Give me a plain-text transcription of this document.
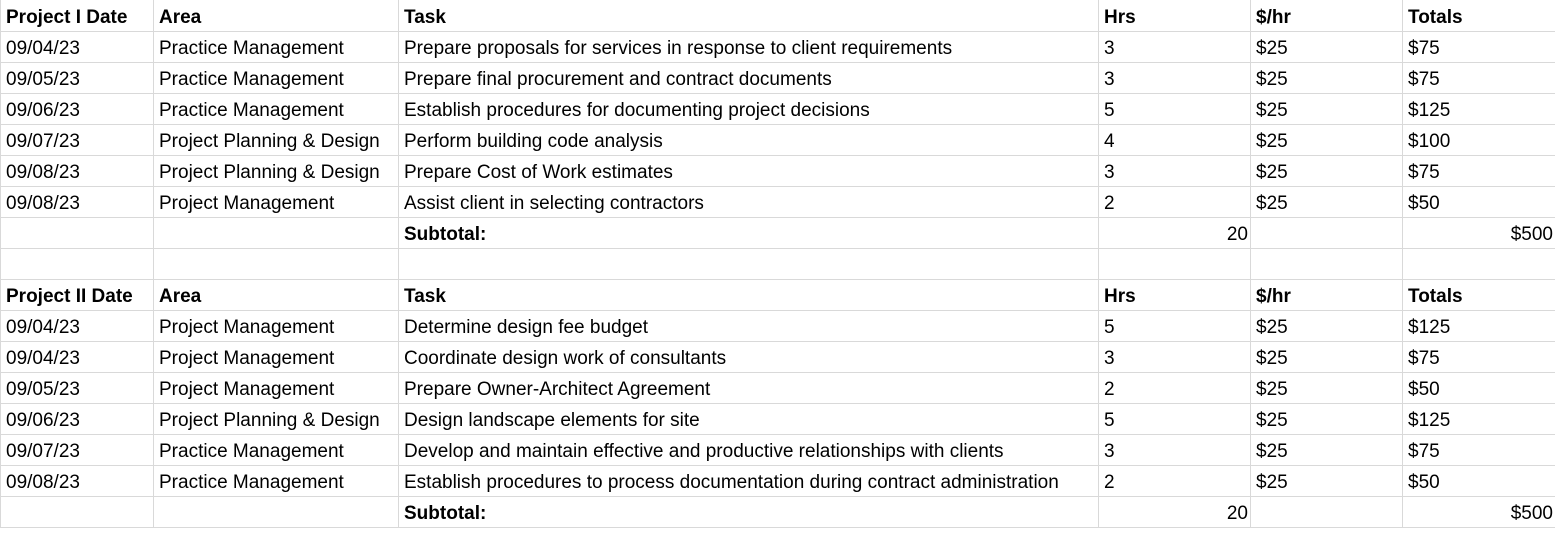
Project I Date	Area	Task	Hrs	$/hr	Totals
09/04/23	Practice Management	Prepare proposals for services in response to client requirements	3	$25	$75
09/05/23	Practice Management	Prepare final procurement and contract documents	3	$25	$75
09/06/23	Practice Management	Establish procedures for documenting project decisions	5	$25	$125
09/07/23	Project Planning & Design	Perform building code analysis	4	$25	$100
09/08/23	Project Planning & Design	Prepare Cost of Work estimates	3	$25	$75
09/08/23	Project Management	Assist client in selecting contractors	2	$25	$50
		Subtotal:	20		$500

Project II Date	Area	Task	Hrs	$/hr	Totals
09/04/23	Project Management	Determine design fee budget	5	$25	$125
09/04/23	Project Management	Coordinate design work of consultants	3	$25	$75
09/05/23	Project Management	Prepare Owner-Architect Agreement	2	$25	$50
09/06/23	Project Planning & Design	Design landscape elements for site	5	$25	$125
09/07/23	Practice Management	Develop and maintain effective and productive relationships with clients	3	$25	$75
09/08/23	Practice Management	Establish procedures to process documentation during contract administration	2	$25	$50
		Subtotal:	20		$500
